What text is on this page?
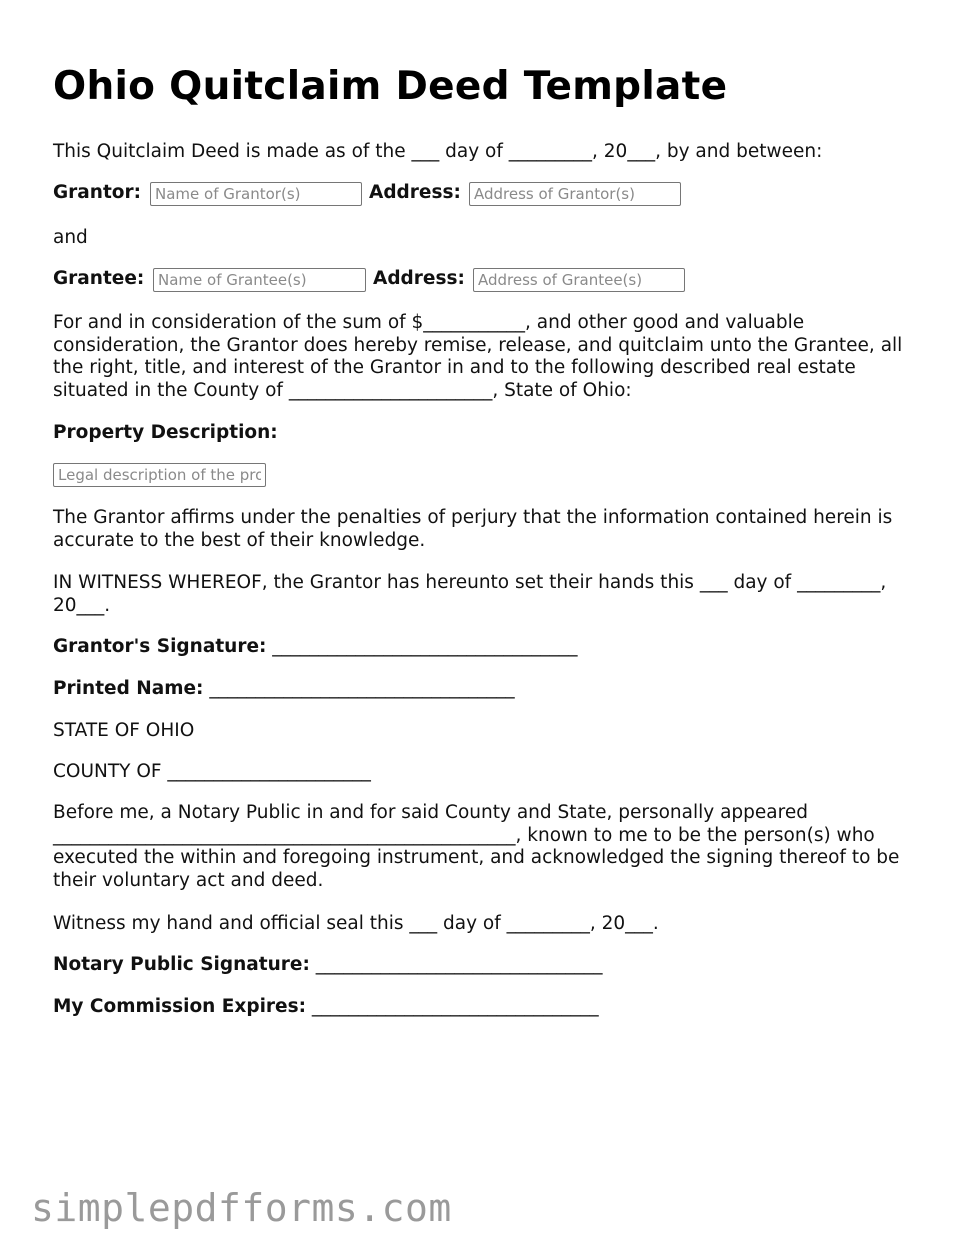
Ohio Quitclaim Deed Template
This Quitclaim Deed is made as of the ___ day of _________, 20___, by and between:
Grantor:
Name of Grantor(s)	Address:
Address of Grantor(s)
and
Grantee:
Name of Grantee(s)	Address:
Address of Grantee(s)
For and in consideration of the sum of $___________, and other good and valuable consideration, the Grantor does hereby remise, release, and quitclaim unto the Grantee, all the right, title, and interest of the Grantor in and to the following described real estate situated in the County of ______________________, State of Ohio:
Property Description:
Legal description of the property
The Grantor affirms under the penalties of perjury that the information contained herein is accurate to the best of their knowledge.
IN WITNESS WHEREOF, the Grantor has hereunto set their hands this ___ day of _________, 20___.
Grantor's Signature: _________________________________
Printed Name: _________________________________
STATE OF OHIO
COUNTY OF ______________________
Before me, a Notary Public in and for said County and State, personally appeared __________________________________________________, known to me to be the person(s) who executed the within and foregoing instrument, and acknowledged the signing thereof to be their voluntary act and deed.
Witness my hand and official seal this ___ day of _________, 20___.
Notary Public Signature: _______________________________
My Commission Expires: _______________________________
simplepdfforms.com
